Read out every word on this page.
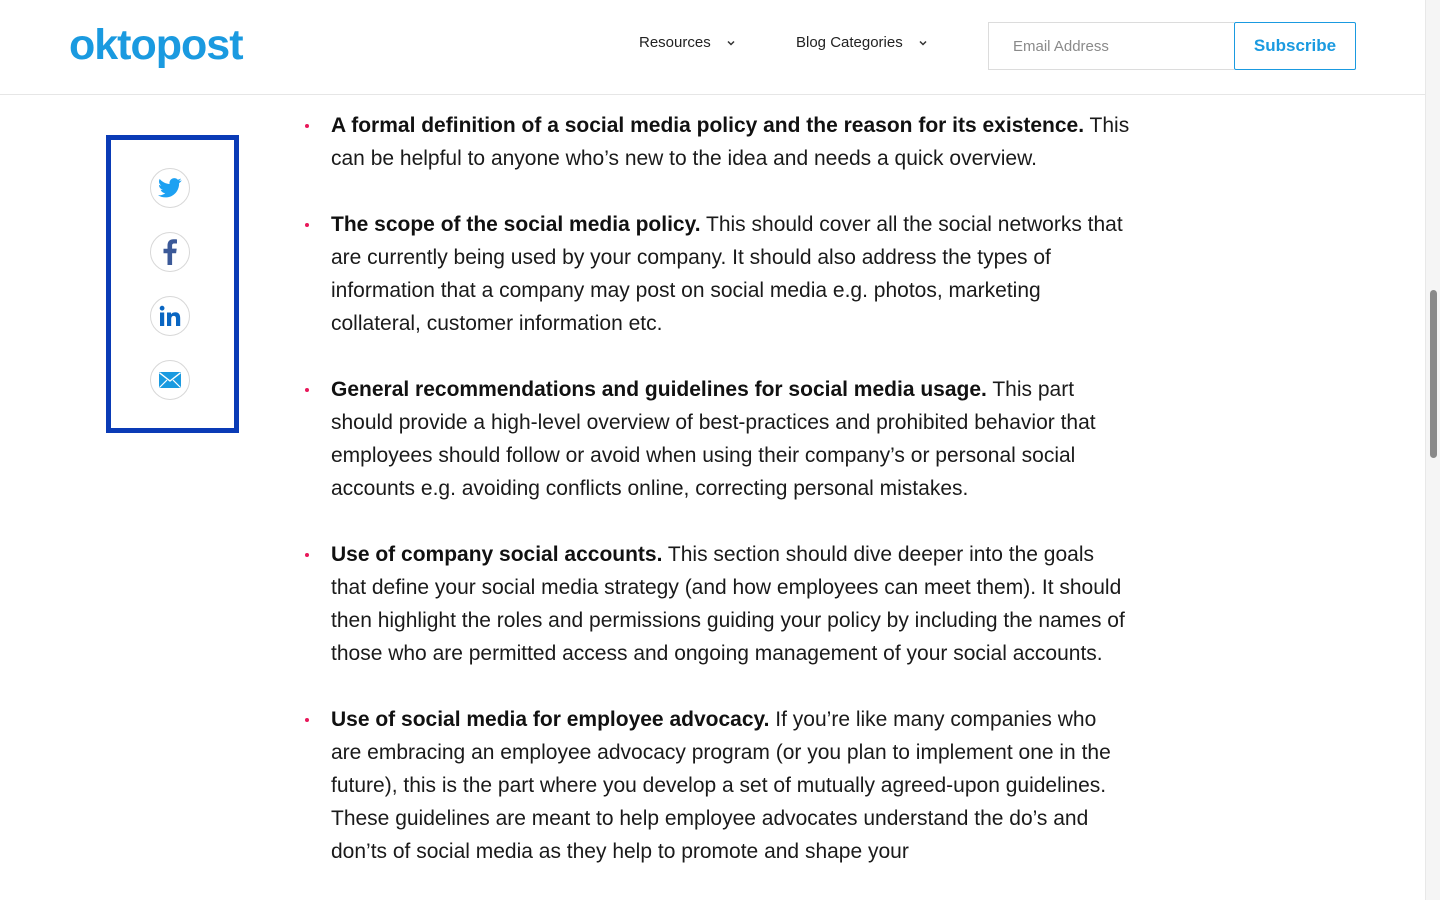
oktopost	Resources	Blog Categories
Email Address	Subscribe
A formal definition of a social media policy and the reason for its existence. This can be helpful to anyone who’s new to the idea and needs a quick overview.
The scope of the social media policy. This should cover all the social networks that are currently being used by your company. It should also address the types of information that a company may post on social media e.g. photos, marketing collateral, customer information etc.
General recommendations and guidelines for social media usage. This part should provide a high-level overview of best-practices and prohibited behavior that employees should follow or avoid when using their company’s or personal social accounts e.g. avoiding conflicts online, correcting personal mistakes.
Use of company social accounts. This section should dive deeper into the goals that define your social media strategy (and how employees can meet them). It should then highlight the roles and permissions guiding your policy by including the names of those who are permitted access and ongoing management of your social accounts.
Use of social media for employee advocacy. If you’re like many companies who are embracing an employee advocacy program (or you plan to implement one in the future), this is the part where you develop a set of mutually agreed-upon guidelines. These guidelines are meant to help employee advocates understand the do’s and don’ts of social media as they help to promote and shape your
